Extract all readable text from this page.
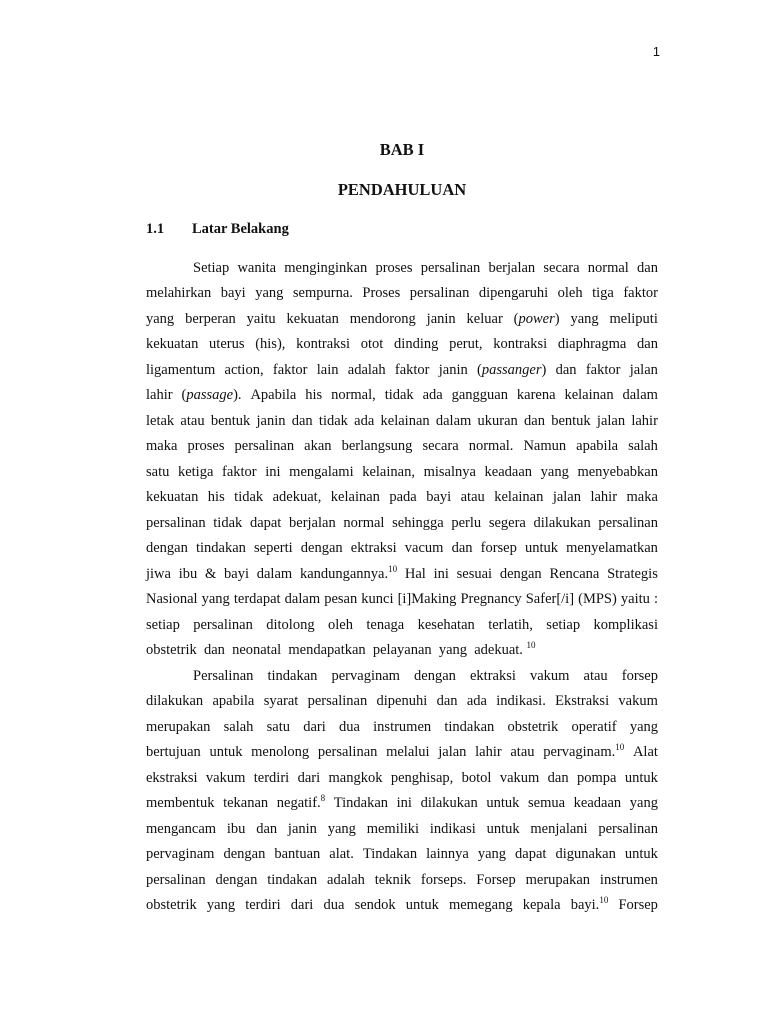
1
BAB I
PENDAHULUAN
1.1 Latar Belakang
Setiap wanita menginginkan proses persalinan berjalan secara normal dan
melahirkan bayi yang sempurna. Proses persalinan dipengaruhi oleh tiga faktor
yang berperan yaitu kekuatan mendorong janin keluar (power) yang meliputi
kekuatan uterus (his), kontraksi otot dinding perut, kontraksi diaphragma dan
ligamentum action, faktor lain adalah faktor janin (passanger) dan faktor jalan
lahir (passage). Apabila his normal, tidak ada gangguan karena kelainan dalam
letak atau bentuk janin dan tidak ada kelainan dalam ukuran dan bentuk jalan lahir
maka proses persalinan akan berlangsung secara normal. Namun apabila salah
satu ketiga faktor ini mengalami kelainan, misalnya keadaan yang menyebabkan
kekuatan his tidak adekuat, kelainan pada bayi atau kelainan jalan lahir maka
persalinan tidak dapat berjalan normal sehingga perlu segera dilakukan persalinan
dengan tindakan seperti dengan ektraksi vacum dan forsep untuk menyelamatkan
jiwa ibu & bayi dalam kandungannya.$^{10}$ Hal ini sesuai dengan Rencana Strategis
Nasional yang terdapat dalam pesan kunci [i]Making Pregnancy Safer[/i] (MPS) yaitu :
setiap persalinan ditolong oleh tenaga kesehatan terlatih, setiap komplikasi
obstetrik dan neonatal mendapatkan pelayanan yang adekuat. $^{10}$
Persalinan tindakan pervaginam dengan ektraksi vakum atau forsep
dilakukan apabila syarat persalinan dipenuhi dan ada indikasi. Ekstraksi vakum
merupakan salah satu dari dua instrumen tindakan obstetrik operatif yang
bertujuan untuk menolong persalinan melalui jalan lahir atau pervaginam.$^{10}$ Alat
ekstraksi vakum terdiri dari mangkok penghisap, botol vakum dan pompa untuk
membentuk tekanan negatif.$^8$ Tindakan ini dilakukan untuk semua keadaan yang
mengancam ibu dan janin yang memiliki indikasi untuk menjalani persalinan
pervaginam dengan bantuan alat. Tindakan lainnya yang dapat digunakan untuk
persalinan dengan tindakan adalah teknik forseps. Forsep merupakan instrumen
obstetrik yang terdiri dari dua sendok untuk memegang kepala bayi.$^{10}$ Forsep
